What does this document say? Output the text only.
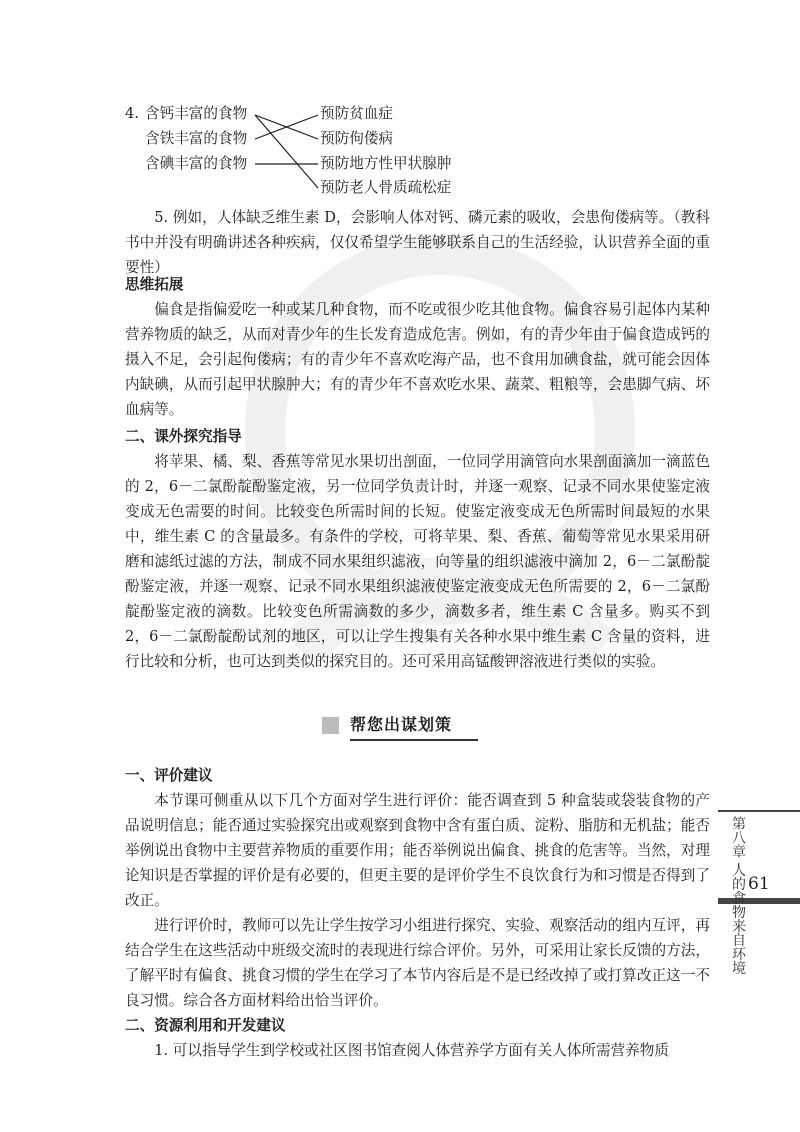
4. 含钙丰富的食物
含铁丰富的食物
含碘丰富的食物
预防贫血症
预防佝偻病
预防地方性甲状腺肿
预防老人骨质疏松症

5. 例如，人体缺乏维生素 D，会影响人体对钙、磷元素的吸收，会患佝偻病等。（教科书中并没有明确讲述各种疾病，仅仅希望学生能够联系自己的生活经验，认识营养全面的重要性）

思维拓展

偏食是指偏爱吃一种或某几种食物，而不吃或很少吃其他食物。偏食容易引起体内某种营养物质的缺乏，从而对青少年的生长发育造成危害。例如，有的青少年由于偏食造成钙的摄入不足，会引起佝偻病；有的青少年不喜欢吃海产品，也不食用加碘食盐，就可能会因体内缺碘，从而引起甲状腺肿大；有的青少年不喜欢吃水果、蔬菜、粗粮等，会患脚气病、坏血病等。

二、课外探究指导

将苹果、橘、梨、香蕉等常见水果切出剖面，一位同学用滴管向水果剖面滴加一滴蓝色的 2，6－二氯酚靛酚鉴定液，另一位同学负责计时，并逐一观察、记录不同水果使鉴定液变成无色需要的时间。比较变色所需时间的长短。使鉴定液变成无色所需时间最短的水果中，维生素 C 的含量最多。有条件的学校，可将苹果、梨、香蕉、葡萄等常见水果采用研磨和滤纸过滤的方法，制成不同水果组织滤液，向等量的组织滤液中滴加 2，6－二氯酚靛酚鉴定液，并逐一观察、记录不同水果组织滤液使鉴定液变成无色所需要的 2，6－二氯酚靛酚鉴定液的滴数。比较变色所需滴数的多少，滴数多者，维生素 C 含量多。购买不到 2，6－二氯酚靛酚试剂的地区，可以让学生搜集有关各种水果中维生素 C 含量的资料，进行比较和分析，也可达到类似的探究目的。还可采用高锰酸钾溶液进行类似的实验。

帮您出谋划策

一、评价建议

本节课可侧重从以下几个方面对学生进行评价：能否调查到 5 种盒装或袋装食物的产品说明信息；能否通过实验探究出或观察到食物中含有蛋白质、淀粉、脂肪和无机盐；能否举例说出食物中主要营养物质的重要作用；能否举例说出偏食、挑食的危害等。当然，对理论知识是否掌握的评价是有必要的，但更主要的是评价学生不良饮食行为和习惯是否得到了改正。

进行评价时，教师可以先让学生按学习小组进行探究、实验、观察活动的组内互评，再结合学生在这些活动中班级交流时的表现进行综合评价。另外，可采用让家长反馈的方法，了解平时有偏食、挑食习惯的学生在学习了本节内容后是不是已经改掉了或打算改正这一不良习惯。综合各方面材料给出恰当评价。

二、资源利用和开发建议

1. 可以指导学生到学校或社区图书馆查阅人体营养学方面有关人体所需营养物质

第八章 人的食物来自环境 61
